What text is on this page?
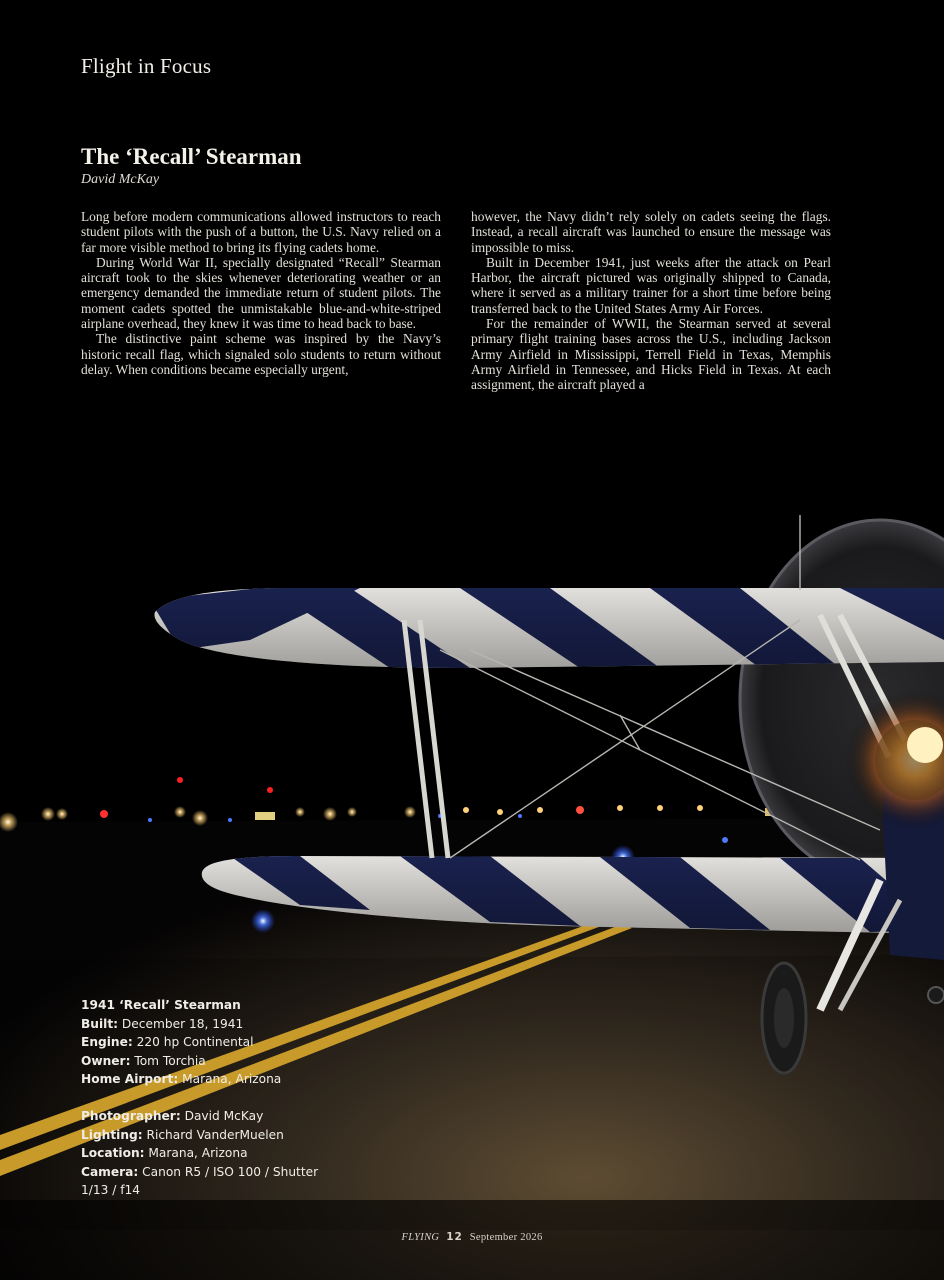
Flight in Focus
The ‘Recall’ Stearman
David McKay

Long before modern communications allowed instructors to reach student pilots with the push of a button, the U.S. Navy relied on a far more visible method to bring its flying cadets home.

During World War II, specially designated “Recall” Stearman aircraft took to the skies whenever deteriorating weather or an emergency demanded the immediate return of student pilots. The moment cadets spotted the unmistakable blue-and-white-striped airplane overhead, they knew it was time to head back to base.

The distinctive paint scheme was inspired by the Navy’s historic recall flag, which signaled solo students to return without delay. When conditions became especially urgent,

however, the Navy didn’t rely solely on cadets seeing the flags. Instead, a recall aircraft was launched to ensure the message was impossible to miss.

Built in December 1941, just weeks after the attack on Pearl Harbor, the aircraft pictured was originally shipped to Canada, where it served as a military trainer for a short time before being transferred back to the United States Army Air Forces.

For the remainder of WWII, the Stearman served at several primary flight training bases across the U.S., including Jackson Army Airfield in Mississippi, Terrell Field in Texas, Memphis Army Airfield in Tennessee, and Hicks Field in Texas. At each assignment, the aircraft played a

1941 ‘Recall’ Stearman
Built: December 18, 1941
Engine: 220 hp Continental
Owner: Tom Torchia
Home Airport: Marana, Arizona
Photographer: David McKay
Lighting: Richard VanderMuelen
Location: Marana, Arizona
Camera: Canon R5 / ISO 100 / Shutter 1/13 / f14
FLYING 12 September 2026
